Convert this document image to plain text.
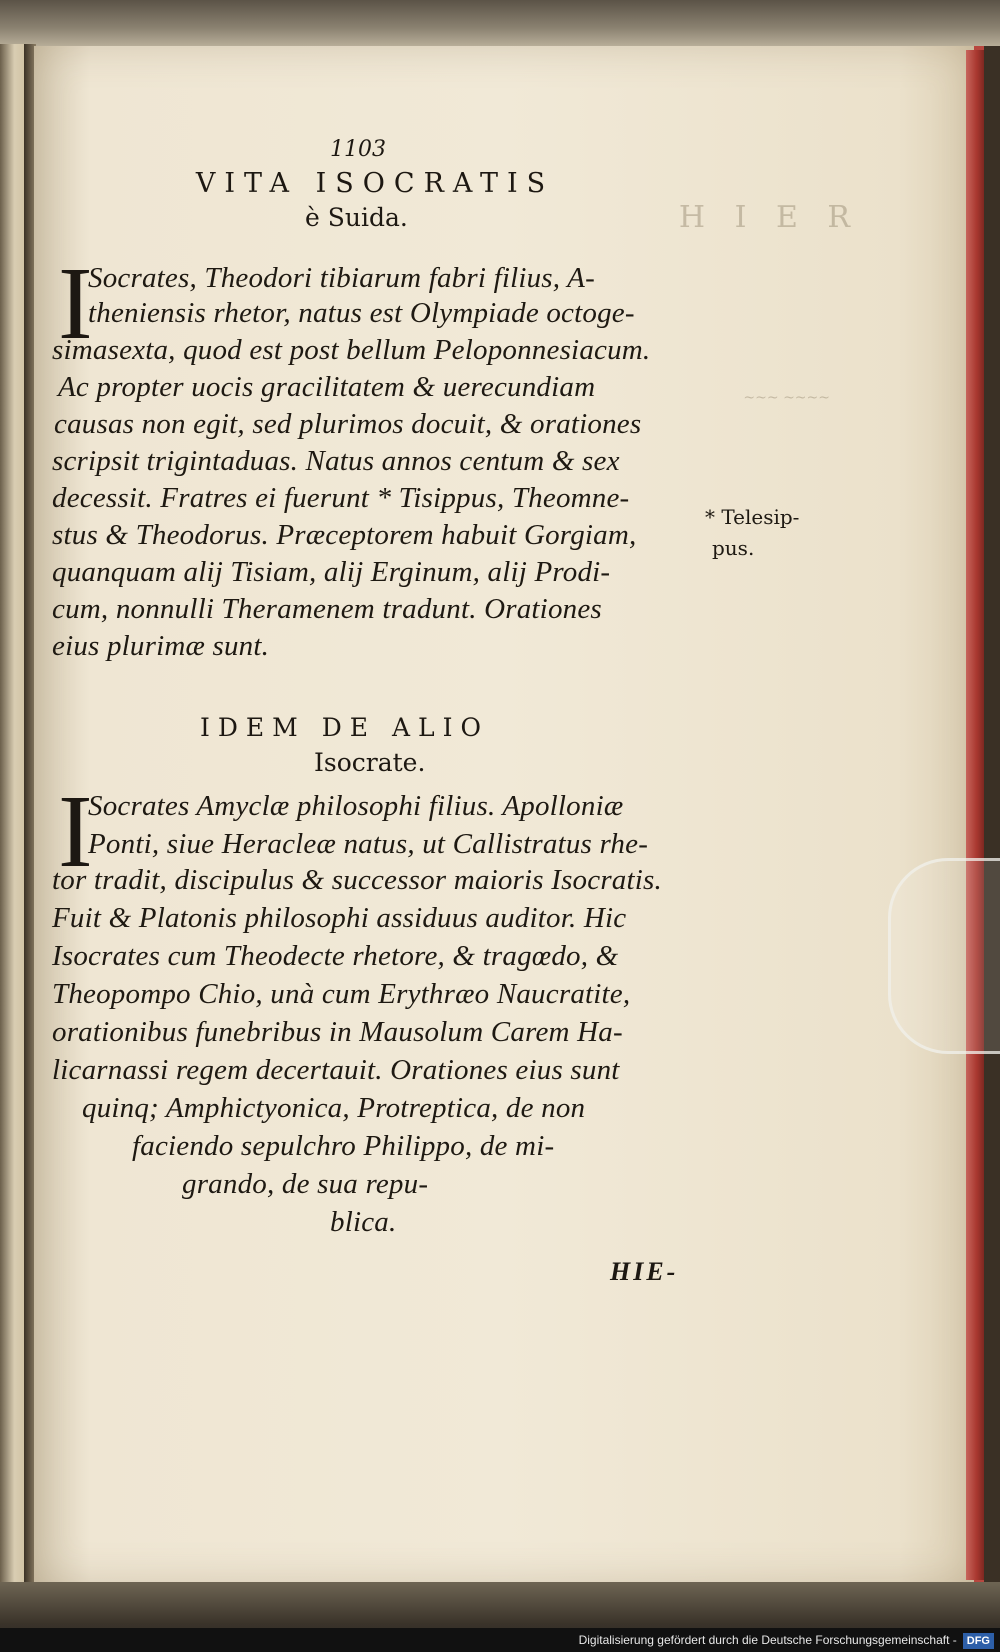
H I E R
~~~ ~~~~
1103
VITA ISOCRATIS
è Suida.
I
Socrates, Theodori tibiarum fabri filius, A-
theniensis rhetor, natus est Olympiade octoge-
simasexta, quod est post bellum Peloponnesiacum.
Ac propter uocis gracilitatem & uerecundiam
causas non egit, sed plurimos docuit, & orationes
scripsit trigintaduas. Natus annos centum & sex
decessit. Fratres ei fuerunt * Tisippus, Theomne-
stus & Theodorus. Præceptorem habuit Gorgiam,
quanquam alij Tisiam, alij Erginum, alij Prodi-
cum, nonnulli Theramenem tradunt. Orationes
eius plurimæ sunt.
* Telesip-
pus.
IDEM DE ALIO
Isocrate.
I
Socrates Amyclæ philosophi filius. Apolloniæ
Ponti, siue Heracleæ natus, ut Callistratus rhe-
tor tradit, discipulus & successor maioris Isocratis.
Fuit & Platonis philosophi assiduus auditor. Hic
Isocrates cum Theodecte rhetore, & tragœdo, &
Theopompo Chio, unà cum Erythræo Naucratite,
orationibus funebribus in Mausolum Carem Ha-
licarnassi regem decertauit. Orationes eius sunt
quinq; Amphictyonica, Protreptica, de non
faciendo sepulchro Philippo, de mi-
grando, de sua repu-
blica.
HIE-
Digitalisierung gefördert durch die Deutsche Forschungsgemeinschaft - DFG
